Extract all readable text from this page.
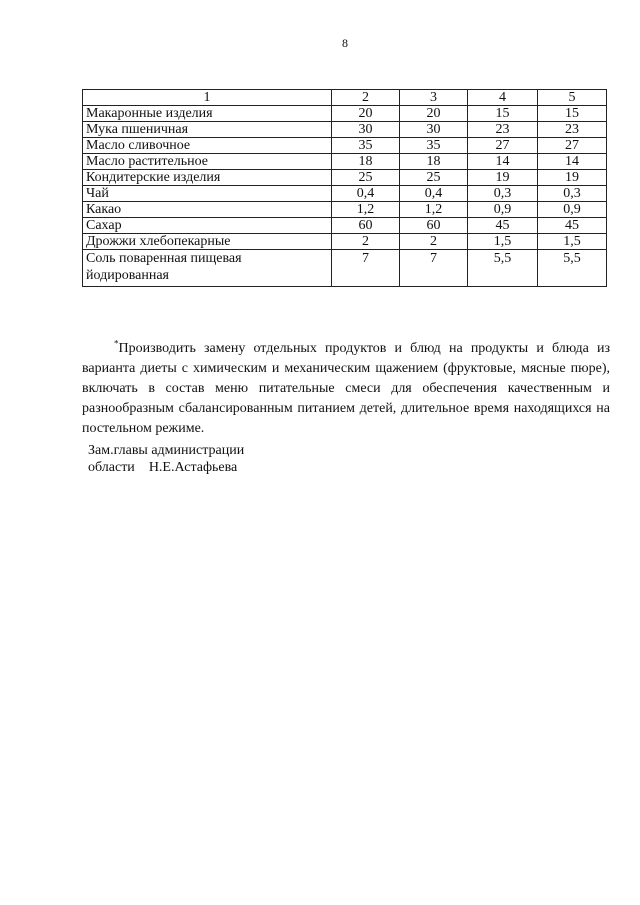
8
1	2	3	4	5
Макаронные изделия	20	20	15	15
Мука пшеничная	30	30	23	23
Масло сливочное	35	35	27	27
Масло растительное	18	18	14	14
Кондитерские изделия	25	25	19	19
Чай	0,4	0,4	0,3	0,3
Какао	1,2	1,2	0,9	0,9
Сахар	60	60	45	45
Дрожжи хлебопекарные	2	2	1,5	1,5
Соль поваренная пищевая йодированная	7	7	5,5	5,5
*Производить замену отдельных продуктов и блюд на продукты и блюда из варианта диеты с химическим и механическим щажением (фруктовые, мясные пюре), включать в состав меню питательные смеси для обеспечения качественным и разнообразным сбалансированным питанием детей, длительное время находящихся на постельном режиме.
Зам.главы администрации
области Н.Е.Астафьева
